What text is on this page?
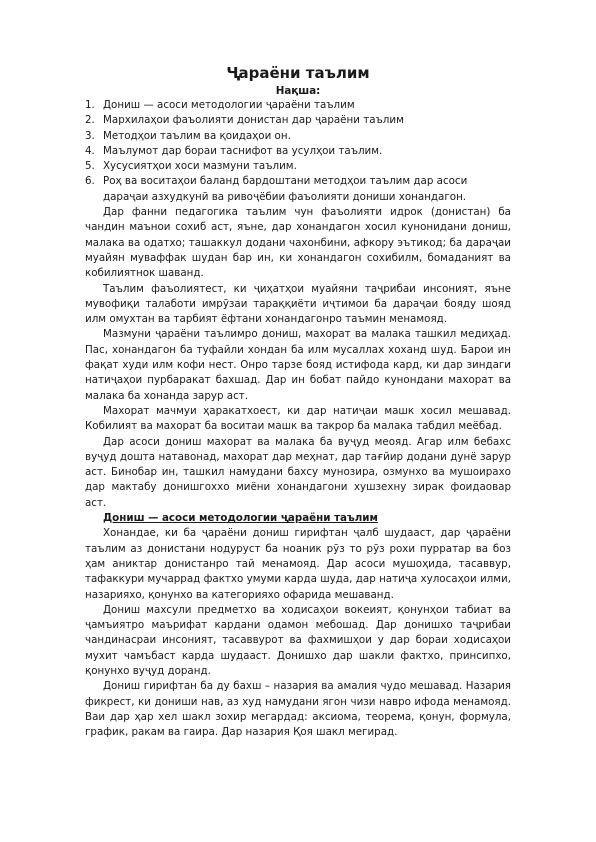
Ҷараёни таълим
Нақша:
1. Дониш — асоси методологии ҷараёни таълим
2. Мархилаҳои фаъолияти донистан дар ҷараёни таълим
3. Методҳои таълим ва қоидаҳои он.
4. Маълумот дар бораи таснифот ва усулҳои таълим.
5. Хусусиятҳои хоси мазмуни таълим.
6. Роҳ ва воситаҳои баланд бардоштани методҳои таълим дар асоси дараҷаи азхудкунӣ ва ривоҷёбии фаъолияти дониши хонандагон.

Дар фанни педагогика таълим чун фаъолияти идрок (донистан) ба чандин маънои сохиб аст, яъне, дар хонандагон хосил кунонидани дониш, малака ва одатхо; ташаккул додани чахонбини, афкору эътикод; ба дараҷаи муайян муваффак шудан бар ин, ки хонандагон сохибилм, бомаданият ва кобилиятнок шаванд.

Таълим фаъолиятест, ки ҷиҳатҳои муайяни таҷрибаи инсоният, яъне мувофиқи талаботи имрӯзаи тараққиёти иҷтимои ба дараҷаи бояду шояд илм омухтан ва тарбият ёфтани хонандагонро таъмин менамояд.

Мазмуни ҷараёни таълимро дониш, махорат ва малака ташкил медиҳад. Пас, хонандагон ба туфайли хондан ба илм мусаллах хоханд шуд. Барои ин фақат худи илм кофи нест. Онро тарзе бояд истифода кард, ки дар зиндаги натиҷаҳои пурбаракат бахшад. Дар ин бобат пайдо кунондани махорат ва малака ба хонанда зарур аст.

Махорат мачмуи ҳаракатхоест, ки дар натиҷаи машк хосил мешавад. Кобилият ва махорат ба воситаи машк ва такрор ба малака табдил меёбад.

Дар асоси дониш махорат ва малака ба вуҷуд меояд. Агар илм бебахс вуҷуд дошта натавонад, махорат дар меҳнат, дар тағйир додани дунё зарур аст. Бинобар ин, ташкил намудани бахсу мунозира, озмунхо ва мушоирахо дар мактабу донишгоххо миёни хонандагони хушзехну зирак фоидаовар аст.

Дониш — асоси методологии ҷараёни таълим

Хонандае, ки ба ҷараёни дониш гирифтан ҷалб шудааст, дар ҷараёни таълим аз донистани нодуруст ба ноаник рӯз то рӯз рохи пурратар ва боз ҳам аниктар донистанро тай менамояд. Дар асоси мушоҳида, тасаввур, тафаккури мучаррад фактхо умуми карда шуда, дар натиҷа хулосаҳои илми, назарияхо, қонунхо ва категорияхо офарида мешаванд.

Дониш махсули предметхо ва ходисаҳои вокеият, қонунҳои табиат ва ҷамъиятро маърифат кардани одамон мебошад. Дар донишхо таҷрибаи чандинасраи инсоният, тасаввурот ва фахмишҳои у дар бораи ходисаҳои мухит чамъбаст карда шудааст. Донишхо дар шакли фактхо, принсипхо, қонунхо вуҷуд доранд.

Дониш гирифтан ба ду бахш – назария ва амалия чудо мешавад. Назария фикрест, ки дониши нав, аз худ намудани ягон чизи навро ифода менамояд. Ваи дар ҳар хел шакл зохир мегардад: аксиома, теорема, қонун, формула, график, ракам ва гаира. Дар назария Қоя шакл мегирад.
